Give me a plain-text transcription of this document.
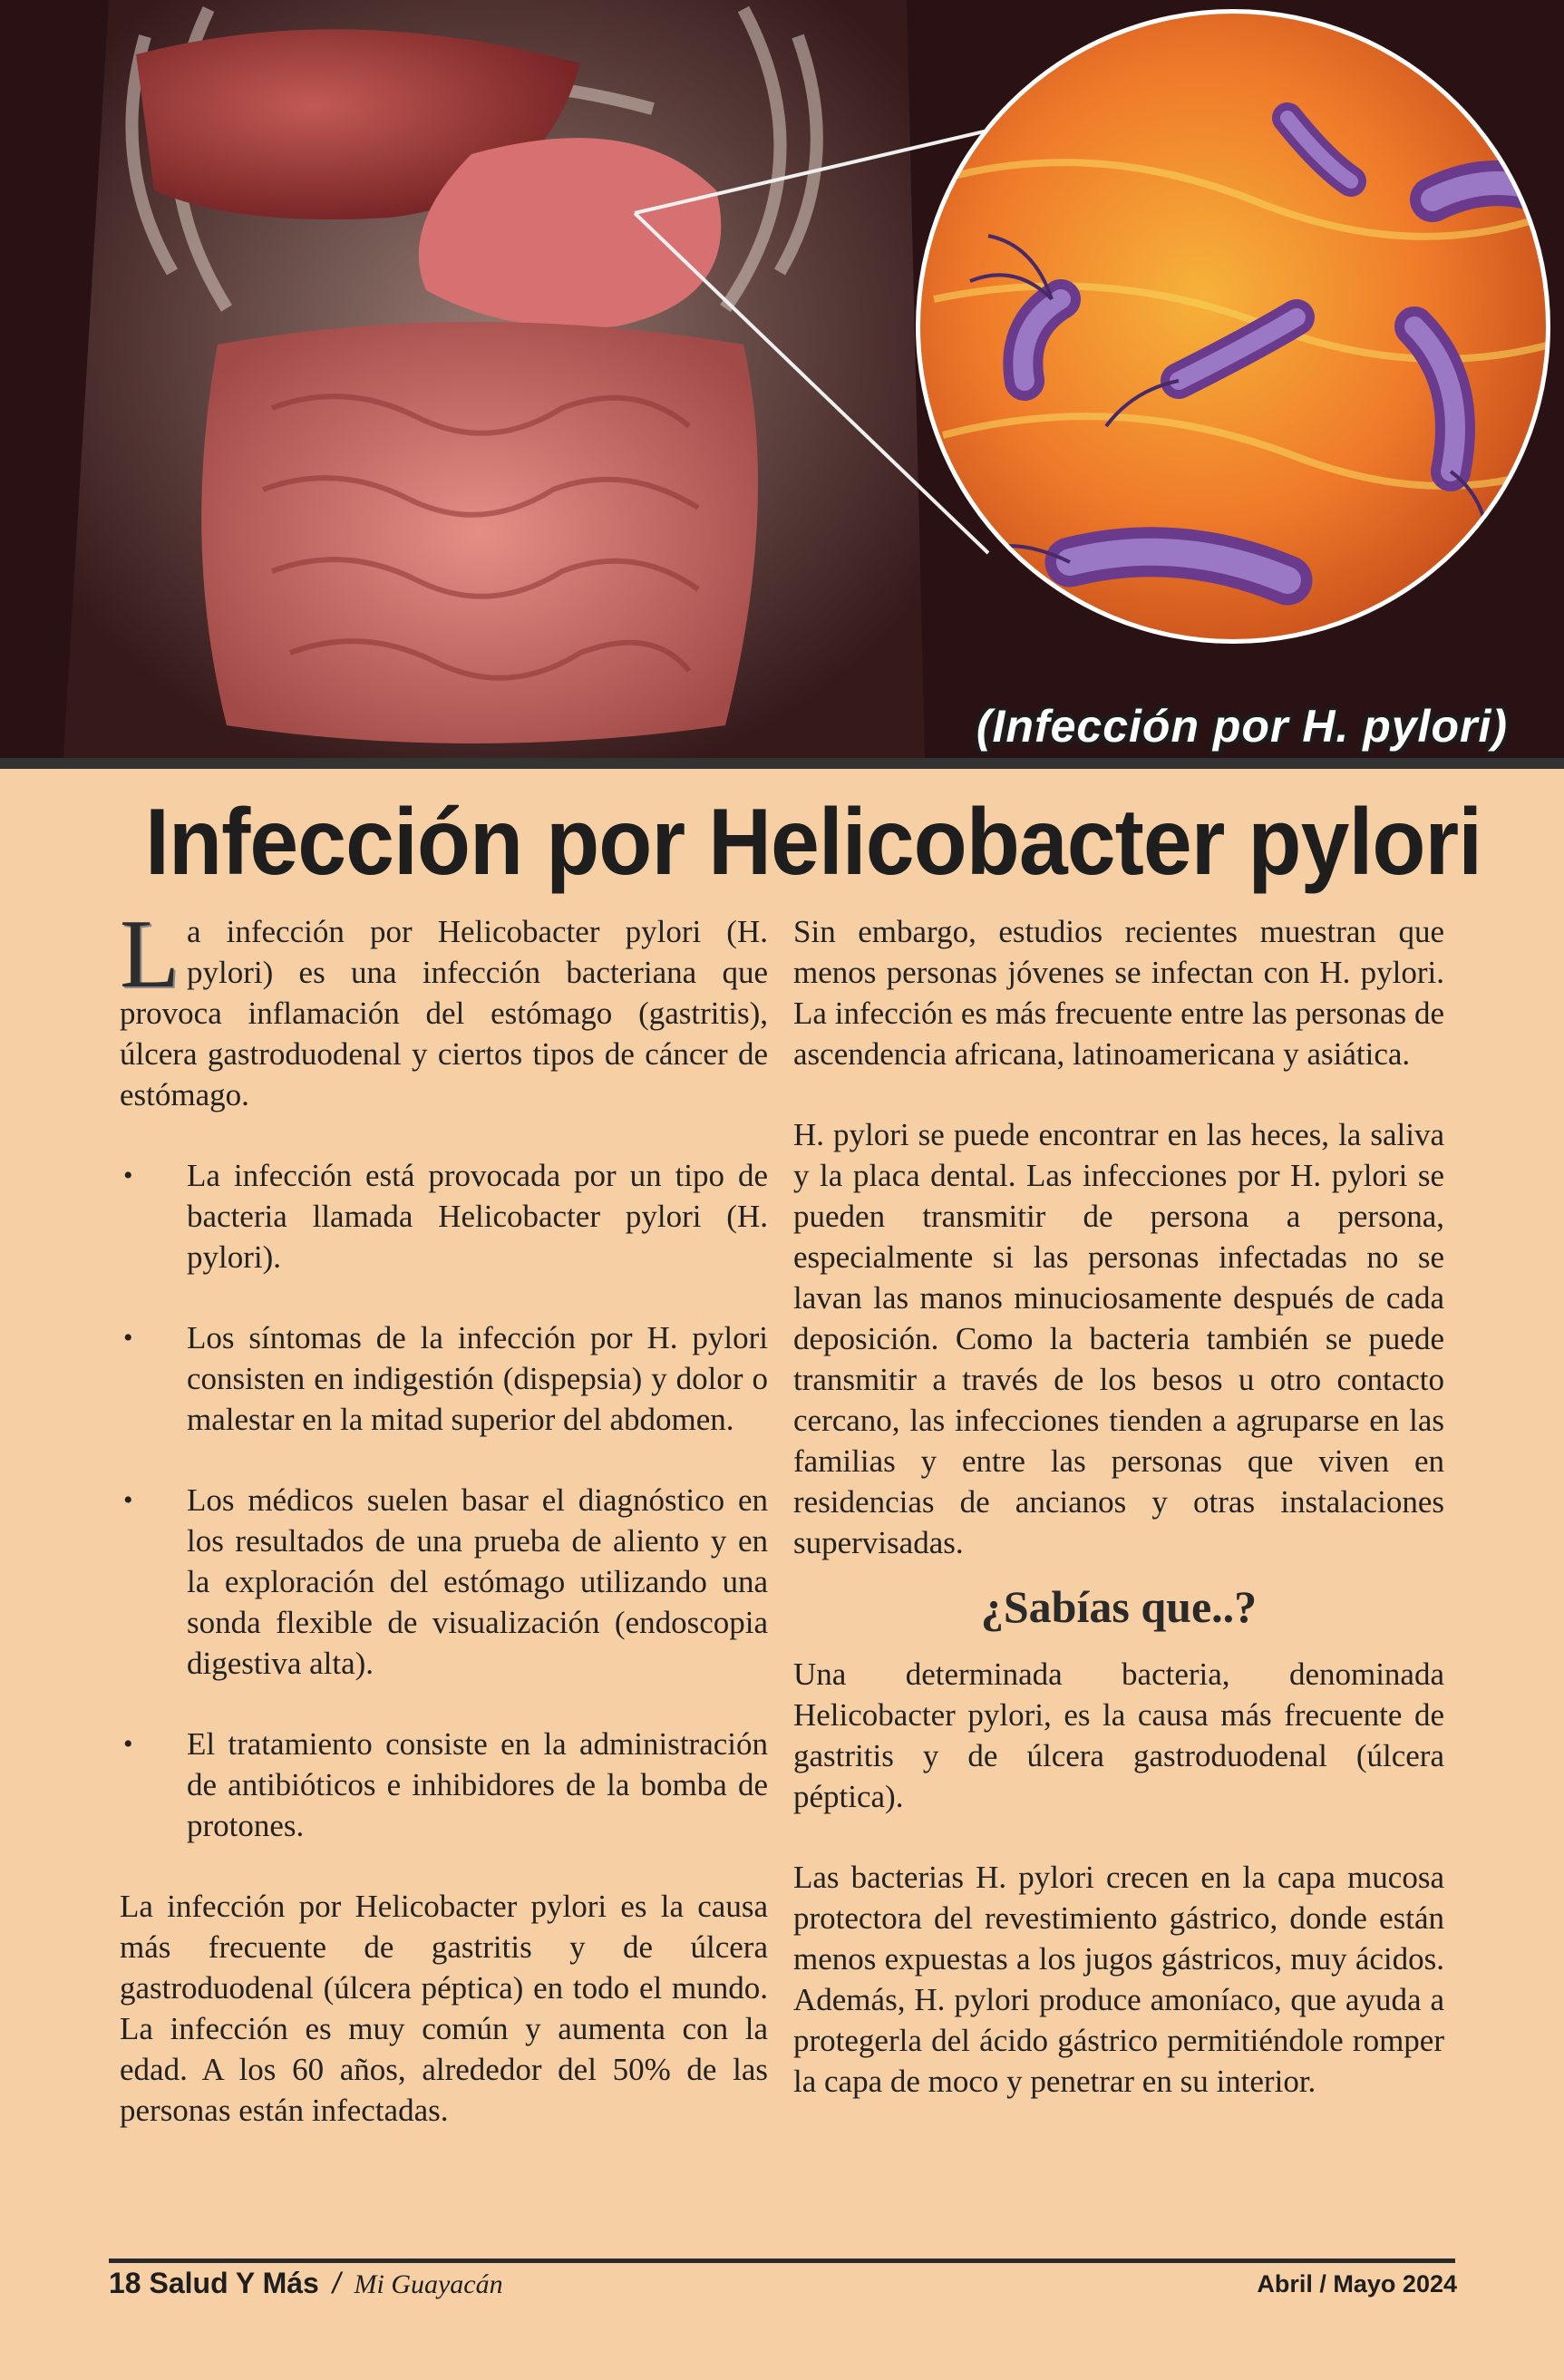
(Infección por H. pylori)
Infección por Helicobacter pylori

La infección por Helicobacter pylori (H. pylori) es una infección bacteriana que provoca inflamación del estómago (gastritis), úlcera gastroduodenal y ciertos tipos de cáncer de estómago.

• La infección está provocada por un tipo de bacteria llamada Helicobacter pylori (H. pylori).
• Los síntomas de la infección por H. pylori consisten en indigestión (dispepsia) y dolor o malestar en la mitad superior del abdomen.
• Los médicos suelen basar el diagnóstico en los resultados de una prueba de aliento y en la exploración del estómago utilizando una sonda flexible de visualización (endoscopia digestiva alta).
• El tratamiento consiste en la administración de antibióticos e inhibidores de la bomba de protones.

La infección por Helicobacter pylori es la causa más frecuente de gastritis y de úlcera gastroduodenal (úlcera péptica) en todo el mundo. La infección es muy común y aumenta con la edad. A los 60 años, alrededor del 50% de las personas están infectadas.

Sin embargo, estudios recientes muestran que menos personas jóvenes se infectan con H. pylori. La infección es más frecuente entre las personas de ascendencia africana, latinoamericana y asiática.

H. pylori se puede encontrar en las heces, la saliva y la placa dental. Las infecciones por H. pylori se pueden transmitir de persona a persona, especialmente si las personas infectadas no se lavan las manos minuciosamente después de cada deposición. Como la bacteria también se puede transmitir a través de los besos u otro contacto cercano, las infecciones tienden a agruparse en las familias y entre las personas que viven en residencias de ancianos y otras instalaciones supervisadas.

¿Sabías que..?

Una determinada bacteria, denominada Helicobacter pylori, es la causa más frecuente de gastritis y de úlcera gastroduodenal (úlcera péptica).

Las bacterias H. pylori crecen en la capa mucosa protectora del revestimiento gástrico, donde están menos expuestas a los jugos gástricos, muy ácidos. Además, H. pylori produce amoníaco, que ayuda a protegerla del ácido gástrico permitiéndole romper la capa de moco y penetrar en su interior.

18 Salud Y Más / Mi Guayacán	Abril / Mayo 2024
